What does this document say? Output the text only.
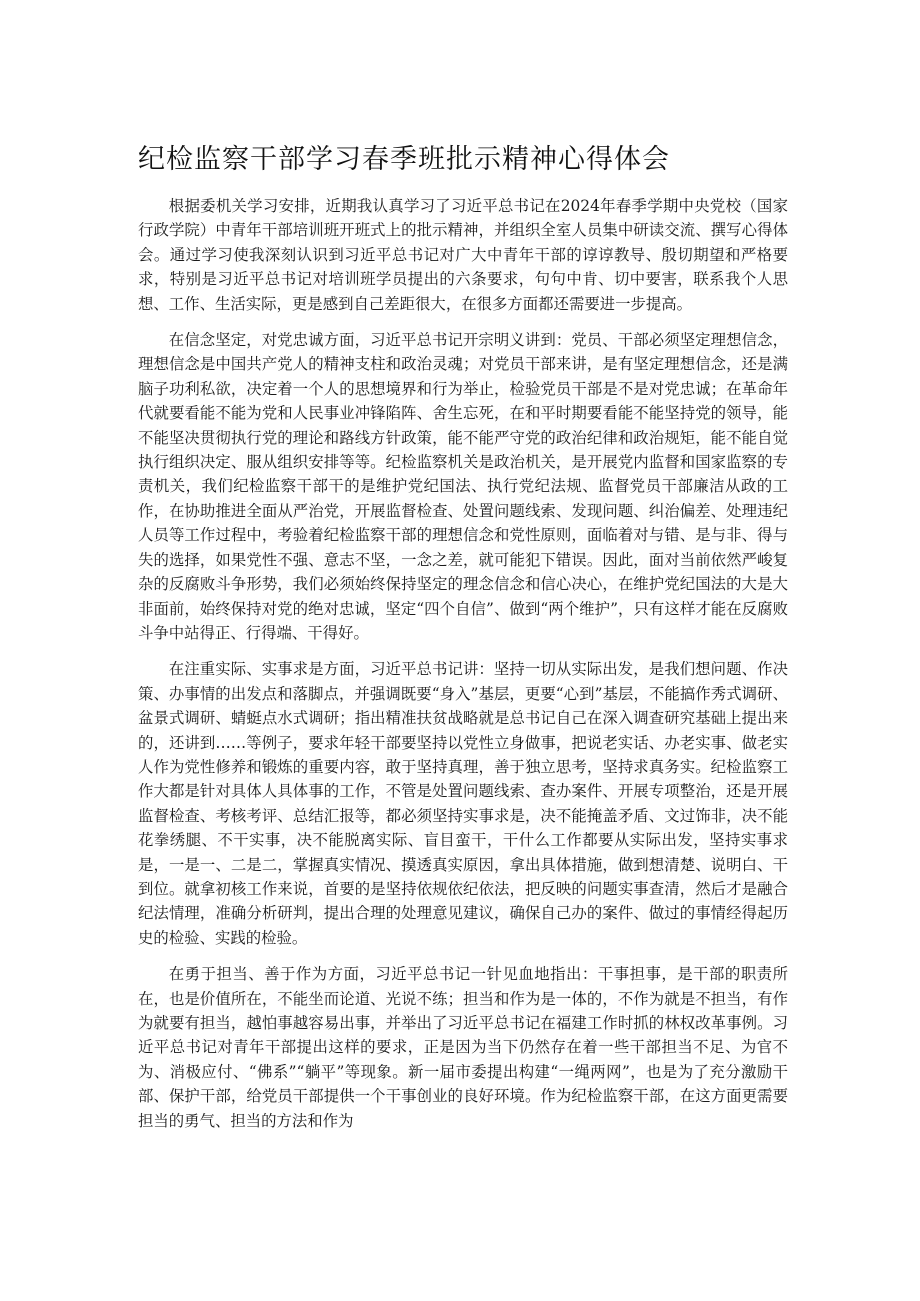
纪检监察干部学习春季班批示精神心得体会

根据委机关学习安排，近期我认真学习了习近平总书记在2024年春季学期中央党校（国家行政学院）中青年干部培训班开班式上的批示精神，并组织全室人员集中研读交流、撰写心得体会。通过学习使我深刻认识到习近平总书记对广大中青年干部的谆谆教导、殷切期望和严格要求，特别是习近平总书记对培训班学员提出的六条要求，句句中肯、切中要害，联系我个人思想、工作、生活实际，更是感到自己差距很大，在很多方面都还需要进一步提高。

在信念坚定，对党忠诚方面，习近平总书记开宗明义讲到：党员、干部必须坚定理想信念，理想信念是中国共产党人的精神支柱和政治灵魂；对党员干部来讲，是有坚定理想信念，还是满脑子功利私欲，决定着一个人的思想境界和行为举止，检验党员干部是不是对党忠诚；在革命年代就要看能不能为党和人民事业冲锋陷阵、舍生忘死，在和平时期要看能不能坚持党的领导，能不能坚决贯彻执行党的理论和路线方针政策，能不能严守党的政治纪律和政治规矩，能不能自觉执行组织决定、服从组织安排等等。纪检监察机关是政治机关，是开展党内监督和国家监察的专责机关，我们纪检监察干部干的是维护党纪国法、执行党纪法规、监督党员干部廉洁从政的工作，在协助推进全面从严治党，开展监督检查、处置问题线索、发现问题、纠治偏差、处理违纪人员等工作过程中，考验着纪检监察干部的理想信念和党性原则，面临着对与错、是与非、得与失的选择，如果党性不强、意志不坚，一念之差，就可能犯下错误。因此，面对当前依然严峻复杂的反腐败斗争形势，我们必须始终保持坚定的理念信念和信心决心，在维护党纪国法的大是大非面前，始终保持对党的绝对忠诚，坚定“四个自信”、做到“两个维护”，只有这样才能在反腐败斗争中站得正、行得端、干得好。

在注重实际、实事求是方面，习近平总书记讲：坚持一切从实际出发，是我们想问题、作决策、办事情的出发点和落脚点，并强调既要“身入”基层，更要“心到”基层，不能搞作秀式调研、盆景式调研、蜻蜓点水式调研；指出精准扶贫战略就是总书记自己在深入调查研究基础上提出来的，还讲到……等例子，要求年轻干部要坚持以党性立身做事，把说老实话、办老实事、做老实人作为党性修养和锻炼的重要内容，敢于坚持真理，善于独立思考，坚持求真务实。纪检监察工作大都是针对具体人具体事的工作，不管是处置问题线索、查办案件、开展专项整治，还是开展监督检查、考核考评、总结汇报等，都必须坚持实事求是，决不能掩盖矛盾、文过饰非，决不能花拳绣腿、不干实事，决不能脱离实际、盲目蛮干，干什么工作都要从实际出发，坚持实事求是，一是一、二是二，掌握真实情况、摸透真实原因，拿出具体措施，做到想清楚、说明白、干到位。就拿初核工作来说，首要的是坚持依规依纪依法，把反映的问题实事查清，然后才是融合纪法情理，准确分析研判，提出合理的处理意见建议，确保自己办的案件、做过的事情经得起历史的检验、实践的检验。

在勇于担当、善于作为方面，习近平总书记一针见血地指出：干事担事，是干部的职责所在，也是价值所在，不能坐而论道、光说不练；担当和作为是一体的，不作为就是不担当，有作为就要有担当，越怕事越容易出事，并举出了习近平总书记在福建工作时抓的林权改革事例。习近平总书记对青年干部提出这样的要求，正是因为当下仍然存在着一些干部担当不足、为官不为、消极应付、“佛系”“躺平”等现象。新一届市委提出构建“一绳两网”，也是为了充分激励干部、保护干部，给党员干部提供一个干事创业的良好环境。作为纪检监察干部，在这方面更需要担当的勇气、担当的方法和作为
